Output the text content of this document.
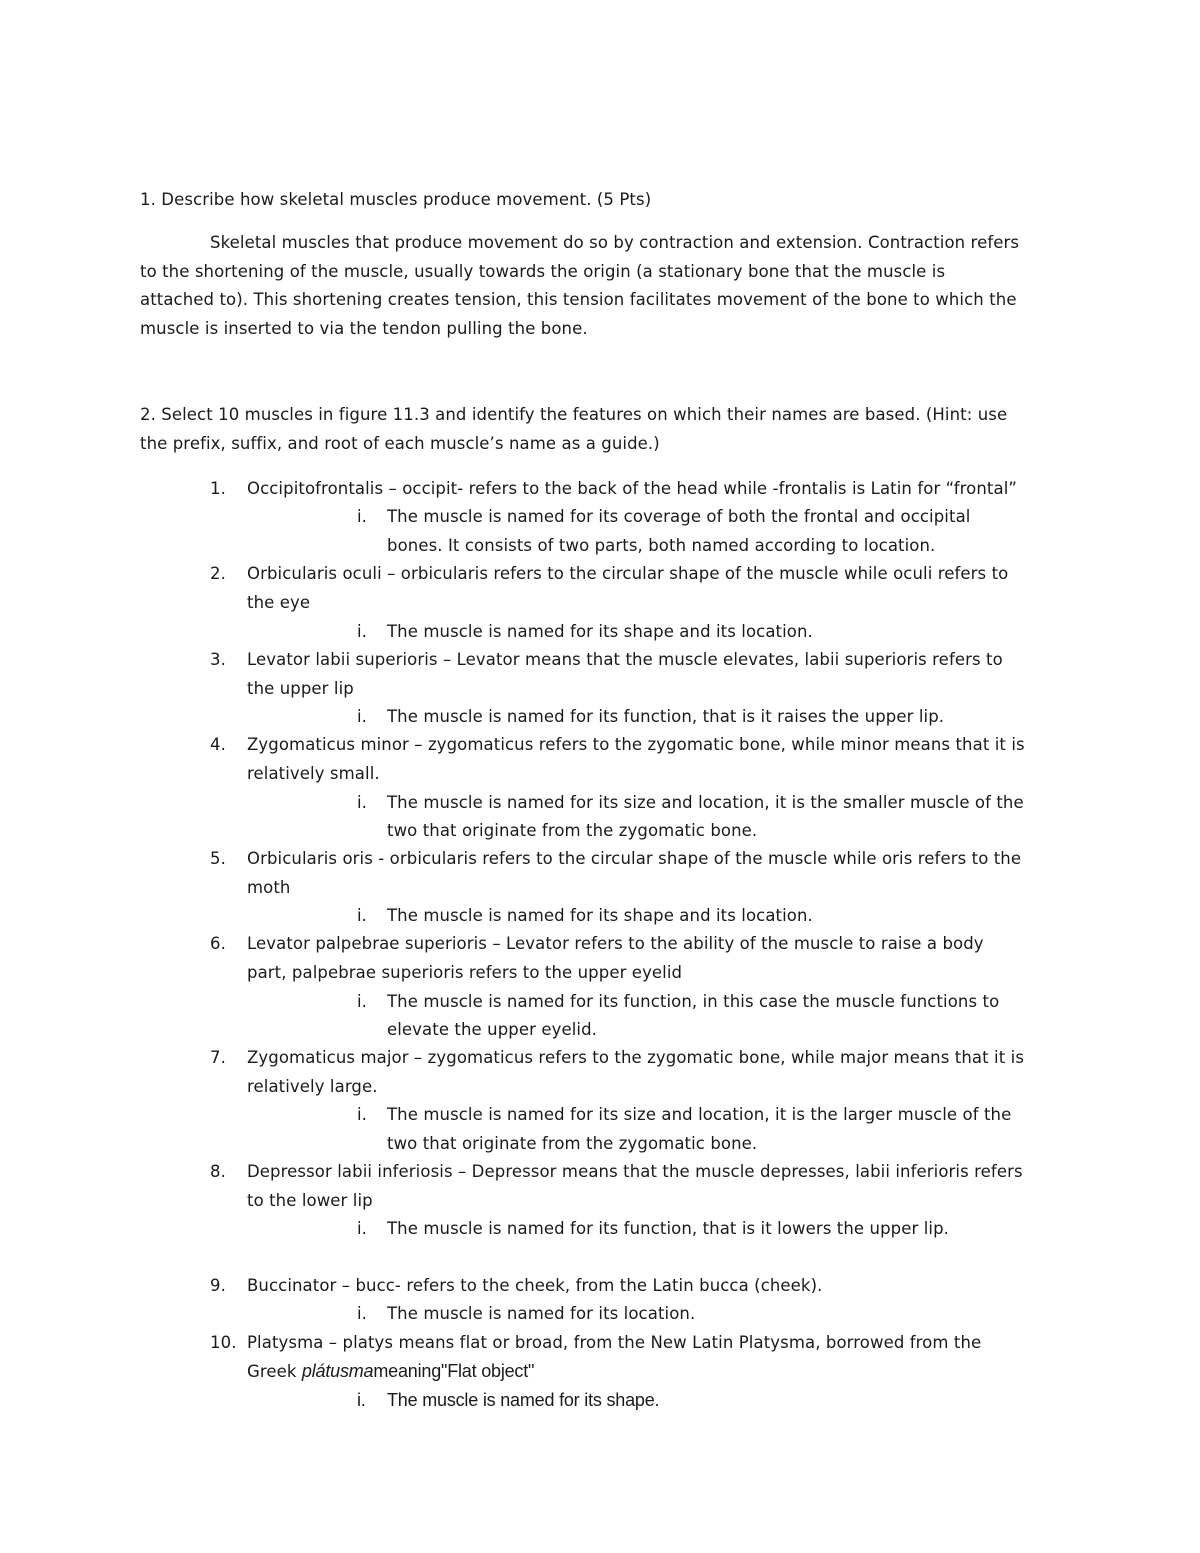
1. Describe how skeletal muscles produce movement. (5 Pts)
Skeletal muscles that produce movement do so by contraction and extension. Contraction refers
to the shortening of the muscle, usually towards the origin (a stationary bone that the muscle is
attached to). This shortening creates tension, this tension facilitates movement of the bone to which the
muscle is inserted to via the tendon pulling the bone.
2. Select 10 muscles in figure 11.3 and identify the features on which their names are based. (Hint: use
the prefix, suffix, and root of each muscle’s name as a guide.)
1. Occipitofrontalis – occipit- refers to the back of the head while -frontalis is Latin for “frontal”
i. The muscle is named for its coverage of both the frontal and occipital
bones. It consists of two parts, both named according to location.
2. Orbicularis oculi – orbicularis refers to the circular shape of the muscle while oculi refers to
the eye
i. The muscle is named for its shape and its location.
3. Levator labii superioris – Levator means that the muscle elevates, labii superioris refers to
the upper lip
i. The muscle is named for its function, that is it raises the upper lip.
4. Zygomaticus minor – zygomaticus refers to the zygomatic bone, while minor means that it is
relatively small.
i. The muscle is named for its size and location, it is the smaller muscle of the
two that originate from the zygomatic bone.
5. Orbicularis oris - orbicularis refers to the circular shape of the muscle while oris refers to the
moth
i. The muscle is named for its shape and its location.
6. Levator palpebrae superioris – Levator refers to the ability of the muscle to raise a body
part, palpebrae superioris refers to the upper eyelid
i. The muscle is named for its function, in this case the muscle functions to
elevate the upper eyelid.
7. Zygomaticus major – zygomaticus refers to the zygomatic bone, while major means that it is
relatively large.
i. The muscle is named for its size and location, it is the larger muscle of the
two that originate from the zygomatic bone.
8. Depressor labii inferiosis – Depressor means that the muscle depresses, labii inferioris refers
to the lower lip
i. The muscle is named for its function, that is it lowers the upper lip.
9. Buccinator – bucc- refers to the cheek, from the Latin bucca (cheek).
i. The muscle is named for its location.
10. Platysma – platys means flat or broad, from the New Latin Platysma, borrowed from the
Greek plátusmameaning"Flat object"
i. The muscle is named for its shape.
